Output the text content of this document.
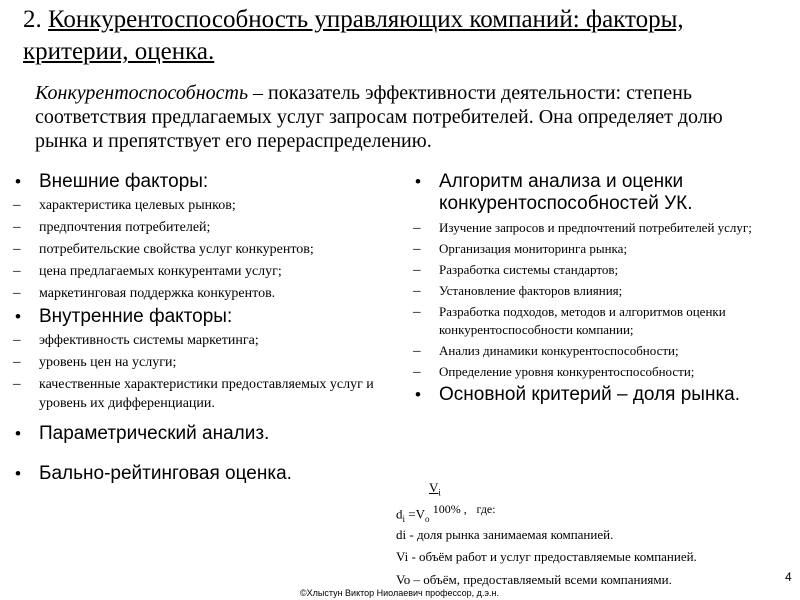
2. Конкурентоспособность управляющих компаний: факторы, критерии, оценка.
Конкурентоспособность – показатель эффективности деятельности: степень соответствия предлагаемых услуг запросам потребителей. Она определяет долю рынка и препятствует его перераспределению.
• Внешние факторы:
– характеристика целевых рынков;
– предпочтения потребителей;
– потребительские свойства услуг конкурентов;
– цена предлагаемых конкурентами услуг;
– маркетинговая поддержка конкурентов.
• Внутренние факторы:
– эффективность системы маркетинга;
– уровень цен на услуги;
– качественные характеристики предоставляемых услуг и уровень их дифференциации.
• Параметрический анализ.
• Бально-рейтинговая оценка.
• Алгоритм анализа и оценки конкурентоспособностей УК.
– Изучение запросов и предпочтений потребителей услуг;
– Организация мониторинга рынка;
– Разработка системы стандартов;
– Установление факторов влияния;
– Разработка подходов, методов и алгоритмов оценки конкурентоспособности компании;
– Анализ динамики конкурентоспособности;
– Определение уровня конкурентоспособности;
• Основной критерий – доля рынка.
$V_i$
$d_i =V_o$ $^{100\% ,}$ $^{где:}$
di - доля рынка занимаемая компанией.
Vi - объём работ и услуг предоставляемые компанией.
Vo – объём, предоставляемый всеми компаниями.	4
©Хлыстун Виктор Ниолаевич профессор, д.э.н.
